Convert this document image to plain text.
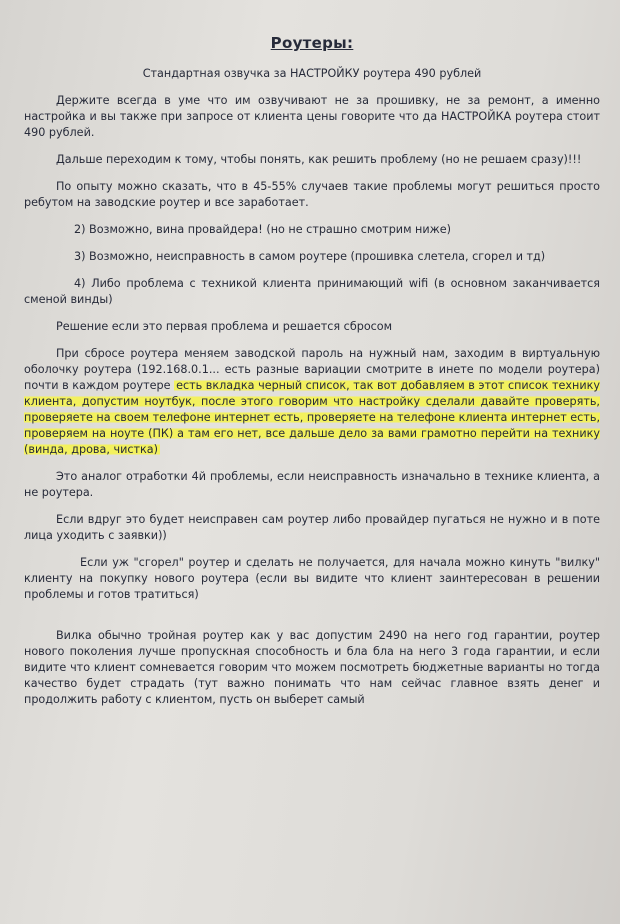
Роутеры:

Стандартная озвучка за НАСТРОЙКУ роутера 490 рублей

Держите всегда в уме что им озвучивают не за прошивку, не за ремонт, а именно настройка и вы также при запросе от клиента цены говорите что да НАСТРОЙКА роутера стоит 490 рублей.

Дальше переходим к тому, чтобы понять, как решить проблему (но не решаем сразу)!!!

По опыту можно сказать, что в 45-55% случаев такие проблемы могут решиться просто ребутом на заводские роутер и все заработает.

2) Возможно, вина провайдера! (но не страшно смотрим ниже)

3) Возможно, неисправность в самом роутере (прошивка слетела, сгорел и тд)

4) Либо проблема с техникой клиента принимающий wifi (в основном заканчивается сменой винды)

Решение если это первая проблема и решается сбросом

При сбросе роутера меняем заводской пароль на нужный нам, заходим в виртуальную оболочку роутера (192.168.0.1... есть разные вариации смотрите в инете по модели роутера) почти в каждом роутере есть вкладка черный список, так вот добавляем в этот список технику клиента, допустим ноутбук, после этого говорим что настройку сделали давайте проверять, проверяете на своем телефоне интернет есть, проверяете на телефоне клиента интернет есть, проверяем на ноуте (ПК) а там его нет, все дальше дело за вами грамотно перейти на технику (винда, дрова, чистка)

Это аналог отработки 4й проблемы, если неисправность изначально в технике клиента, а не роутера.

Если вдруг это будет неисправен сам роутер либо провайдер пугаться не нужно и в поте лица уходить с заявки))

Если уж "сгорел" роутер и сделать не получается, для начала можно кинуть "вилку" клиенту на покупку нового роутера (если вы видите что клиент заинтересован в решении проблемы и готов тратиться)

Вилка обычно тройная роутер как у вас допустим 2490 на него год гарантии, роутер нового поколения лучше пропускная способность и бла бла на него 3 года гарантии, и если видите что клиент сомневается говорим что можем посмотреть бюджетные варианты но тогда качество будет страдать (тут важно понимать что нам сейчас главное взять денег и продолжить работу с клиентом, пусть он выберет самый
